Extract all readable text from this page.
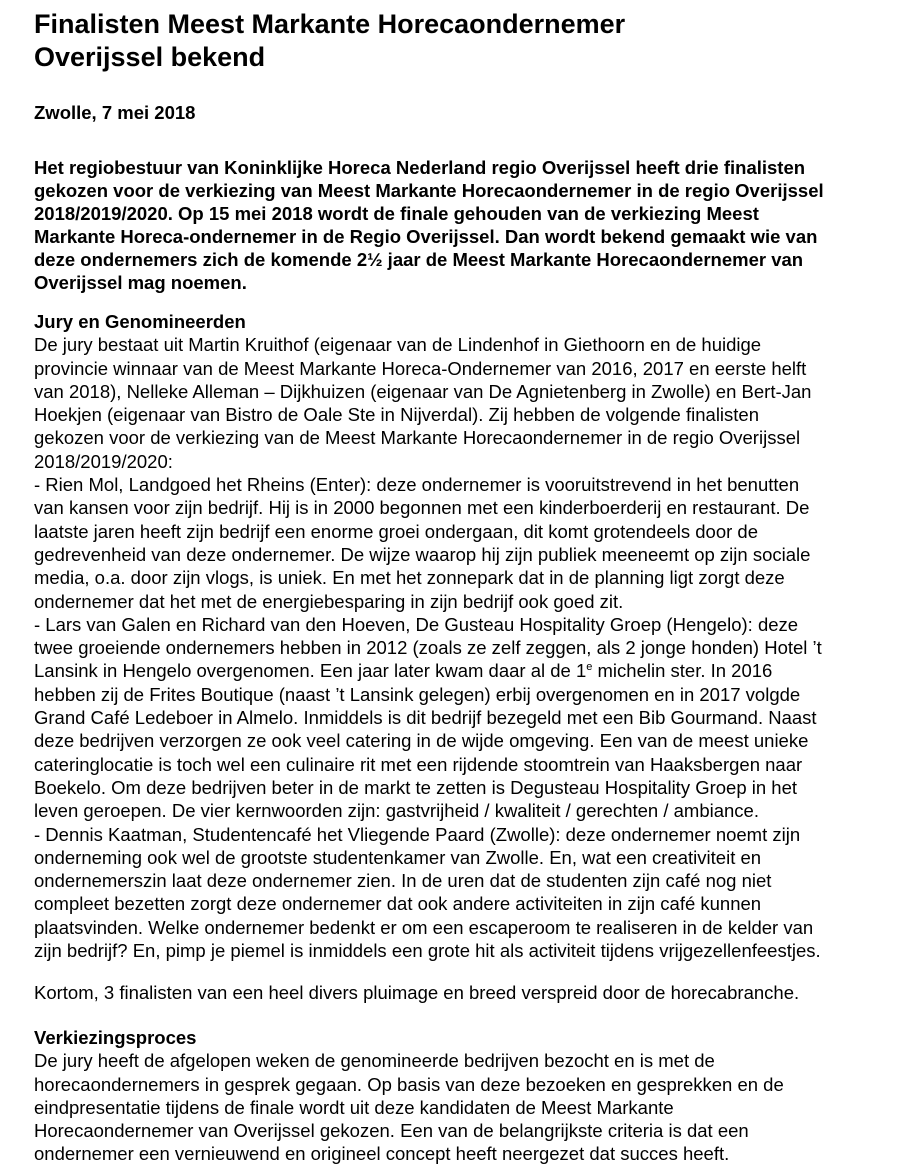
Finalisten Meest Markante Horecaondernemer
Overijssel bekend

Zwolle, 7 mei 2018

Het regiobestuur van Koninklijke Horeca Nederland regio Overijssel heeft drie finalisten
gekozen voor de verkiezing van Meest Markante Horecaondernemer in de regio Overijssel
2018/2019/2020. Op 15 mei 2018 wordt de finale gehouden van de verkiezing Meest
Markante Horeca-ondernemer in de Regio Overijssel. Dan wordt bekend gemaakt wie van
deze ondernemers zich de komende 2½ jaar de Meest Markante Horecaondernemer van
Overijssel mag noemen.
Jury en Genomineerden
De jury bestaat uit Martin Kruithof (eigenaar van de Lindenhof in Giethoorn en de huidige
provincie winnaar van de Meest Markante Horeca-Ondernemer van 2016, 2017 en eerste helft
van 2018), Nelleke Alleman – Dijkhuizen (eigenaar van De Agnietenberg in Zwolle) en Bert-Jan
Hoekjen (eigenaar van Bistro de Oale Ste in Nijverdal). Zij hebben de volgende finalisten
gekozen voor de verkiezing van de Meest Markante Horecaondernemer in de regio Overijssel
2018/2019/2020:
- Rien Mol, Landgoed het Rheins (Enter): deze ondernemer is vooruitstrevend in het benutten
van kansen voor zijn bedrijf. Hij is in 2000 begonnen met een kinderboerderij en restaurant. De
laatste jaren heeft zijn bedrijf een enorme groei ondergaan, dit komt grotendeels door de
gedrevenheid van deze ondernemer. De wijze waarop hij zijn publiek meeneemt op zijn sociale
media, o.a. door zijn vlogs, is uniek. En met het zonnepark dat in de planning ligt zorgt deze
ondernemer dat het met de energiebesparing in zijn bedrijf ook goed zit.
- Lars van Galen en Richard van den Hoeven, De Gusteau Hospitality Groep (Hengelo): deze
twee groeiende ondernemers hebben in 2012 (zoals ze zelf zeggen, als 2 jonge honden) Hotel ’t
Lansink in Hengelo overgenomen. Een jaar later kwam daar al de 1e michelin ster. In 2016
hebben zij de Frites Boutique (naast ’t Lansink gelegen) erbij overgenomen en in 2017 volgde
Grand Café Ledeboer in Almelo. Inmiddels is dit bedrijf bezegeld met een Bib Gourmand. Naast
deze bedrijven verzorgen ze ook veel catering in de wijde omgeving. Een van de meest unieke
cateringlocatie is toch wel een culinaire rit met een rijdende stoomtrein van Haaksbergen naar
Boekelo. Om deze bedrijven beter in de markt te zetten is Degusteau Hospitality Groep in het
leven geroepen. De vier kernwoorden zijn: gastvrijheid / kwaliteit / gerechten / ambiance.
- Dennis Kaatman, Studentencafé het Vliegende Paard (Zwolle): deze ondernemer noemt zijn
onderneming ook wel de grootste studentenkamer van Zwolle. En, wat een creativiteit en
ondernemerszin laat deze ondernemer zien. In de uren dat de studenten zijn café nog niet
compleet bezetten zorgt deze ondernemer dat ook andere activiteiten in zijn café kunnen
plaatsvinden. Welke ondernemer bedenkt er om een escaperoom te realiseren in de kelder van
zijn bedrijf? En, pimp je piemel is inmiddels een grote hit als activiteit tijdens vrijgezellenfeestjes.
Kortom, 3 finalisten van een heel divers pluimage en breed verspreid door de horecabranche.
Verkiezingsproces
De jury heeft de afgelopen weken de genomineerde bedrijven bezocht en is met de
horecaondernemers in gesprek gegaan. Op basis van deze bezoeken en gesprekken en de
eindpresentatie tijdens de finale wordt uit deze kandidaten de Meest Markante
Horecaondernemer van Overijssel gekozen. Een van de belangrijkste criteria is dat een
ondernemer een vernieuwend en origineel concept heeft neergezet dat succes heeft.
